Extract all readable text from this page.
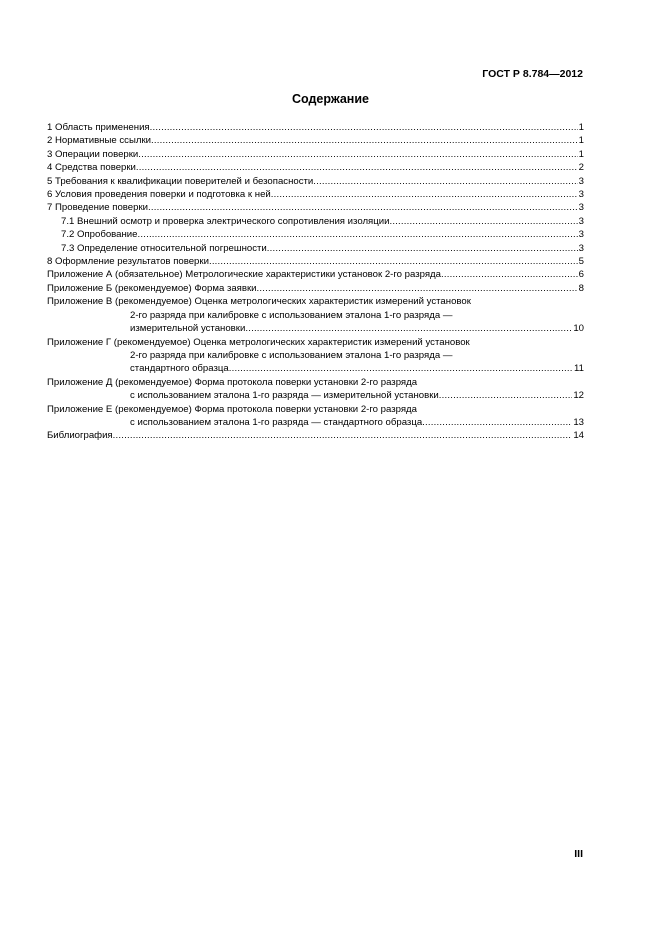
ГОСТ Р 8.784—2012
Содержание
1 Область применения .....	1
2 Нормативные ссылки .....	1
3 Операции поверки .....	1
4 Средства поверки .....	2
5 Требования к квалификации поверителей и безопасности .....	3
6 Условия проведения поверки и подготовка к ней .....	3
7 Проведение поверки .....	3
7.1 Внешний осмотр и проверка электрического сопротивления изоляции .....	3
7.2 Опробование .....	3
7.3 Определение относительной погрешности .....	3
8 Оформление результатов поверки .....	5
Приложение А (обязательное) Метрологические характеристики установок 2-го разряда .....	6
Приложение Б (рекомендуемое) Форма заявки .....	8
Приложение В (рекомендуемое) Оценка метрологических характеристик измерений установок
2-го разряда при калибровке с использованием эталона 1-го разряда —
измерительной установки .....	10
Приложение Г (рекомендуемое) Оценка метрологических характеристик измерений установок
2-го разряда при калибровке с использованием эталона 1-го разряда —
стандартного образца .....	11
Приложение Д (рекомендуемое) Форма протокола поверки установки 2-го разряда
с использованием эталона 1-го разряда — измерительной установки .....	12
Приложение Е (рекомендуемое) Форма протокола поверки установки 2-го разряда
с использованием эталона 1-го разряда — стандартного образца .....	13
Библиография .....	14
III
